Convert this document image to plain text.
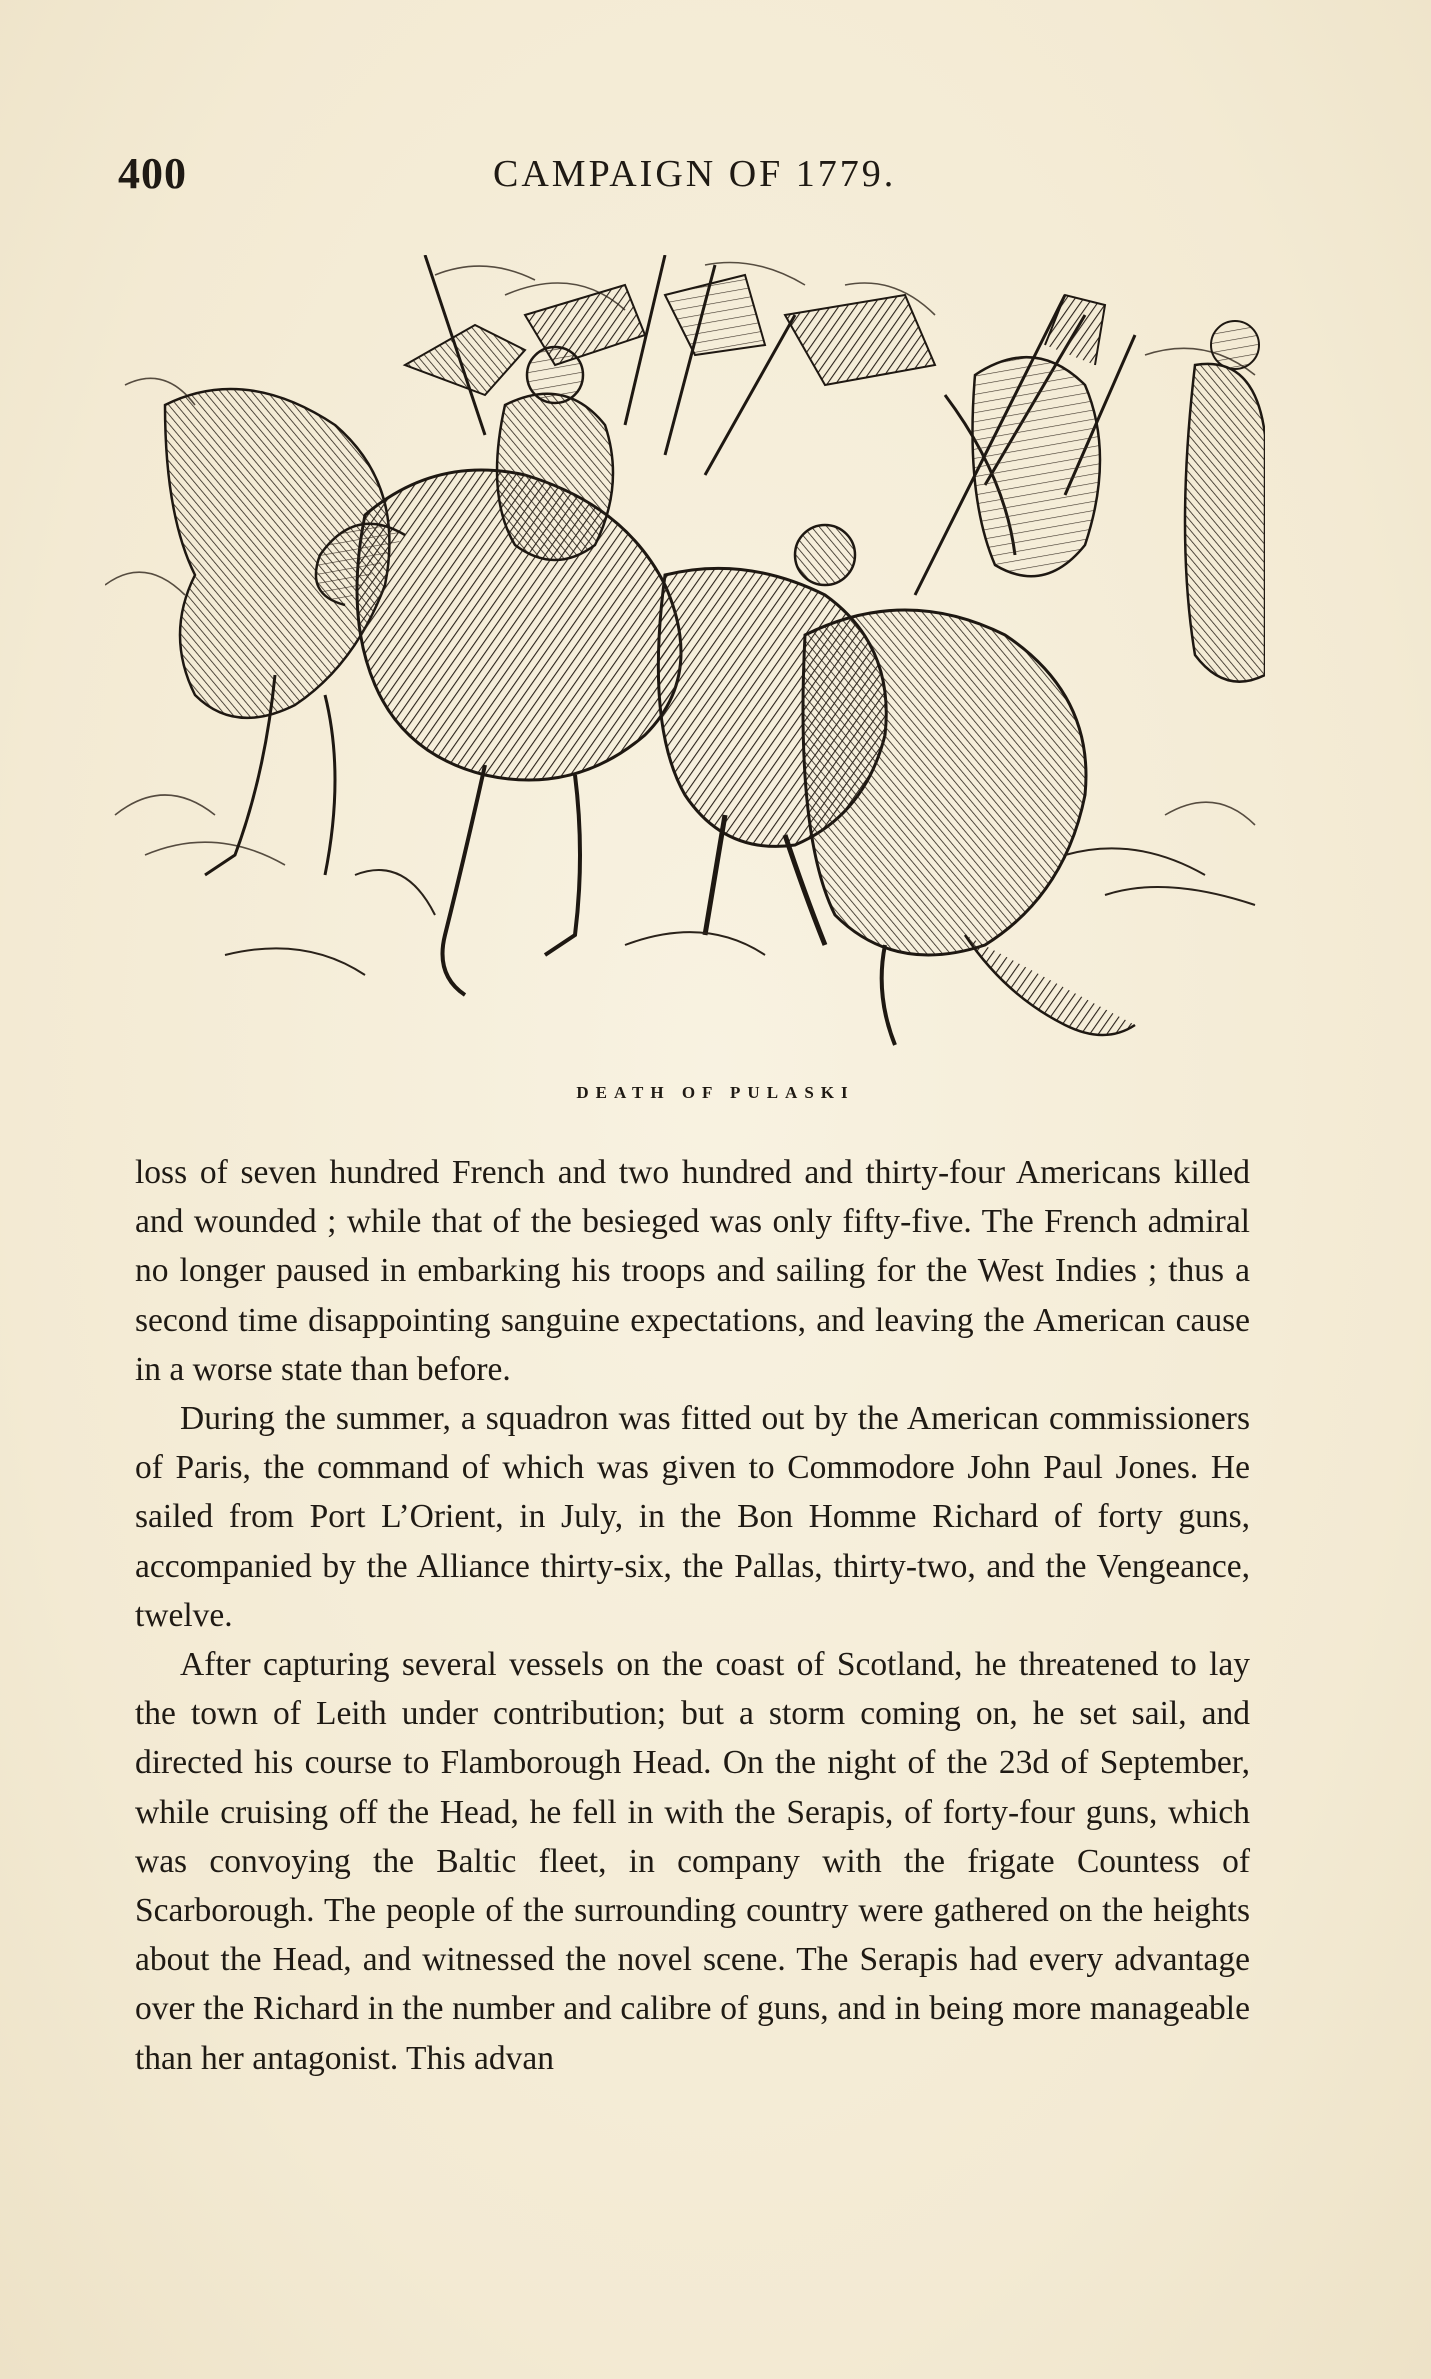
400	CAMPAIGN OF 1779.
DEATH OF PULASKI

loss of seven hundred French and two hundred and thirty-four Americans killed and wounded ; while that of the besieged was only fifty-five. The French admiral no longer paused in embarking his troops and sailing for the West Indies ; thus a second time disappointing sanguine expectations, and leaving the American cause in a worse state than before.

During the summer, a squadron was fitted out by the American commissioners of Paris, the command of which was given to Commodore John Paul Jones. He sailed from Port L’Orient, in July, in the Bon Homme Richard of forty guns, accompanied by the Alliance thirty-six, the Pallas, thirty-two, and the Vengeance, twelve.

After capturing several vessels on the coast of Scotland, he threatened to lay the town of Leith under contribution; but a storm coming on, he set sail, and directed his course to Flamborough Head. On the night of the 23d of September, while cruising off the Head, he fell in with the Serapis, of forty-four guns, which was convoying the Baltic fleet, in company with the frigate Countess of Scarborough. The people of the surrounding country were gathered on the heights about the Head, and witnessed the novel scene. The Serapis had every advantage over the Richard in the number and calibre of guns, and in being more manageable than her antagonist. This advan
